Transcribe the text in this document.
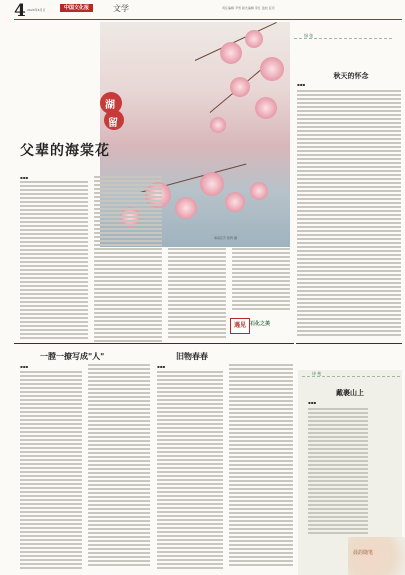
4 2024年6月日	中国文化报	文学	责任编辑 尹雪 版式编辑 李红 监校 张庆
海棠花开 陈辉 摄
湖
留
父辈的海棠花
▪▪▪
绿 弦
秋天的怀念
▪▪▪
遇见 石化之美
一膛一撩写成"人"	旧物春春
▪▪▪	▪▪▪
诗 苑
戴裹山上
▪▪▪
晨韵随笔
